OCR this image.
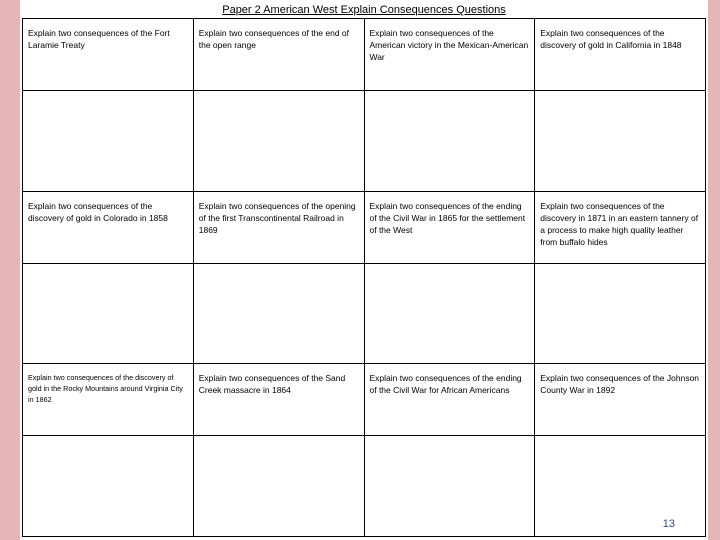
Paper 2 American West Explain Consequences Questions
Explain two consequences of the Fort Laramie Treaty
Explain two consequences of the end of the open range
Explain two consequences of the American victory in the Mexican-American War
Explain two consequences of the discovery of gold in California in 1848
Explain two consequences of the discovery of gold in Colorado in 1858
Explain two consequences of the opening of the first Transcontinental Railroad in 1869
Explain two consequences of the ending of the Civil War in 1865 for the settlement of the West
Explain two consequences of the discovery in 1871 in an eastern tannery of a process to make high quality leather from buffalo hides
Explain two consequences of the discovery of gold in the Rocky Mountains around Virginia City in 1862
Explain two consequences of the Sand Creek massacre in 1864
Explain two consequences of the ending of the Civil War for African Americans
Explain two consequences of the Johnson County War in 1892
13
